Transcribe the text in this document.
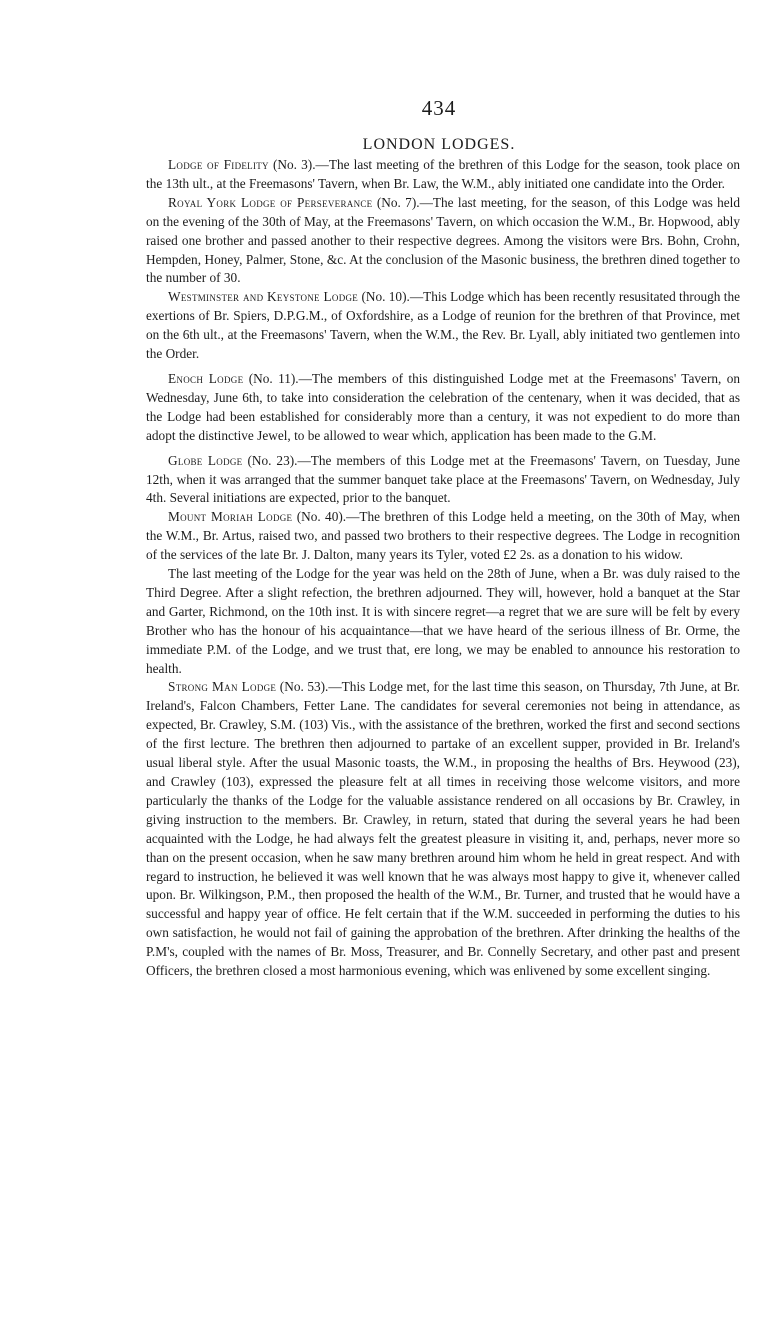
434
LONDON LODGES.

Lodge of Fidelity (No. 3).—The last meeting of the brethren of this Lodge for the season, took place on the 13th ult., at the Freemasons' Tavern, when Br. Law, the W.M., ably initiated one candidate into the Order.

Royal York Lodge of Perseverance (No. 7).—The last meeting, for the season, of this Lodge was held on the evening of the 30th of May, at the Freemasons' Tavern, on which occasion the W.M., Br. Hopwood, ably raised one brother and passed another to their respective degrees. Among the visitors were Brs. Bohn, Crohn, Hempden, Honey, Palmer, Stone, &c. At the conclusion of the Masonic business, the brethren dined together to the number of 30.

Westminster and Keystone Lodge (No. 10).—This Lodge which has been recently resusitated through the exertions of Br. Spiers, D.P.G.M., of Oxfordshire, as a Lodge of reunion for the brethren of that Province, met on the 6th ult., at the Freemasons' Tavern, when the W.M., the Rev. Br. Lyall, ably initiated two gentlemen into the Order.

Enoch Lodge (No. 11).—The members of this distinguished Lodge met at the Freemasons' Tavern, on Wednesday, June 6th, to take into consideration the celebration of the centenary, when it was decided, that as the Lodge had been established for considerably more than a century, it was not expedient to do more than adopt the distinctive Jewel, to be allowed to wear which, application has been made to the G.M.

Globe Lodge (No. 23).—The members of this Lodge met at the Freemasons' Tavern, on Tuesday, June 12th, when it was arranged that the summer banquet take place at the Freemasons' Tavern, on Wednesday, July 4th. Several initiations are expected, prior to the banquet.

Mount Moriah Lodge (No. 40).—The brethren of this Lodge held a meeting, on the 30th of May, when the W.M., Br. Artus, raised two, and passed two brothers to their respective degrees. The Lodge in recognition of the services of the late Br. J. Dalton, many years its Tyler, voted £2 2s. as a donation to his widow.

The last meeting of the Lodge for the year was held on the 28th of June, when a Br. was duly raised to the Third Degree. After a slight refection, the brethren adjourned. They will, however, hold a banquet at the Star and Garter, Richmond, on the 10th inst. It is with sincere regret—a regret that we are sure will be felt by every Brother who has the honour of his acquaintance—that we have heard of the serious illness of Br. Orme, the immediate P.M. of the Lodge, and we trust that, ere long, we may be enabled to announce his restoration to health.

Strong Man Lodge (No. 53).—This Lodge met, for the last time this season, on Thursday, 7th June, at Br. Ireland's, Falcon Chambers, Fetter Lane. The candidates for several ceremonies not being in attendance, as expected, Br. Crawley, S.M. (103) Vis., with the assistance of the brethren, worked the first and second sections of the first lecture. The brethren then adjourned to partake of an excellent supper, provided in Br. Ireland's usual liberal style. After the usual Masonic toasts, the W.M., in proposing the healths of Brs. Heywood (23), and Crawley (103), expressed the pleasure felt at all times in receiving those welcome visitors, and more particularly the thanks of the Lodge for the valuable assistance rendered on all occasions by Br. Crawley, in giving instruction to the members. Br. Crawley, in return, stated that during the several years he had been acquainted with the Lodge, he had always felt the greatest pleasure in visiting it, and, perhaps, never more so than on the present occasion, when he saw many brethren around him whom he held in great respect. And with regard to instruction, he believed it was well known that he was always most happy to give it, whenever called upon. Br. Wilkingson, P.M., then proposed the health of the W.M., Br. Turner, and trusted that he would have a successful and happy year of office. He felt certain that if the W.M. succeeded in performing the duties to his own satisfaction, he would not fail of gaining the approbation of the brethren. After drinking the healths of the P.M's, coupled with the names of Br. Moss, Treasurer, and Br. Connelly Secretary, and other past and present Officers, the brethren closed a most harmonious evening, which was enlivened by some excellent singing.
